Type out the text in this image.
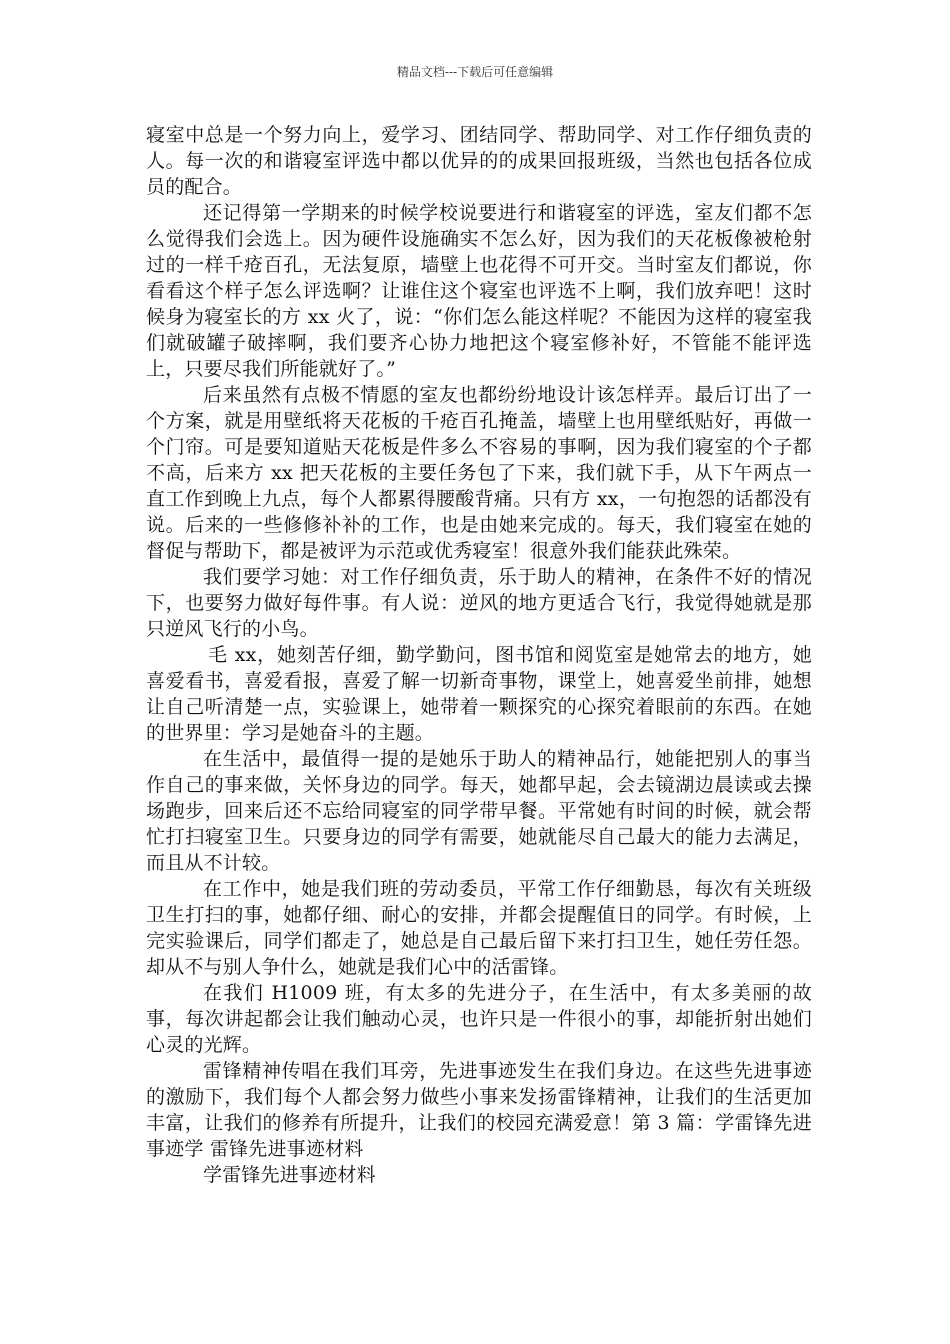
精品文档---下载后可任意编辑

寝室中总是一个努力向上，爱学习、团结同学、帮助同学、对工作仔细负责的人。每一次的和谐寝室评选中都以优异的的成果回报班级，当然也包括各位成员的配合。

还记得第一学期来的时候学校说要进行和谐寝室的评选，室友们都不怎么觉得我们会选上。因为硬件设施确实不怎么好，因为我们的天花板像被枪射过的一样千疮百孔，无法复原，墙壁上也花得不可开交。当时室友们都说，你看看这个样子怎么评选啊？让谁住这个寝室也评选不上啊，我们放弃吧！这时候身为寝室长的方 xx 火了，说：“你们怎么能这样呢？不能因为这样的寝室我们就破罐子破摔啊，我们要齐心协力地把这个寝室修补好，不管能不能评选上，只要尽我们所能就好了。”

后来虽然有点极不情愿的室友也都纷纷地设计该怎样弄。最后订出了一个方案，就是用壁纸将天花板的千疮百孔掩盖，墙壁上也用壁纸贴好，再做一个门帘。可是要知道贴天花板是件多么不容易的事啊，因为我们寝室的个子都不高，后来方 xx 把天花板的主要任务包了下来，我们就下手，从下午两点一直工作到晚上九点，每个人都累得腰酸背痛。只有方 xx，一句抱怨的话都没有说。后来的一些修修补补的工作，也是由她来完成的。每天，我们寝室在她的督促与帮助下，都是被评为示范或优秀寝室！很意外我们能获此殊荣。

我们要学习她：对工作仔细负责，乐于助人的精神，在条件不好的情况下，也要努力做好每件事。有人说：逆风的地方更适合飞行，我觉得她就是那只逆风飞行的小鸟。

毛 xx，她刻苦仔细，勤学勤问，图书馆和阅览室是她常去的地方，她喜爱看书，喜爱看报，喜爱了解一切新奇事物，课堂上，她喜爱坐前排，她想让自己听清楚一点，实验课上，她带着一颗探究的心探究着眼前的东西。在她的世界里：学习是她奋斗的主题。

在生活中，最值得一提的是她乐于助人的精神品行，她能把别人的事当作自己的事来做，关怀身边的同学。每天，她都早起，会去镜湖边晨读或去操场跑步，回来后还不忘给同寝室的同学带早餐。平常她有时间的时候，就会帮忙打扫寝室卫生。只要身边的同学有需要，她就能尽自己最大的能力去满足，而且从不计较。

在工作中，她是我们班的劳动委员，平常工作仔细勤恳，每次有关班级卫生打扫的事，她都仔细、耐心的安排，并都会提醒值日的同学。有时候，上完实验课后，同学们都走了，她总是自己最后留下来打扫卫生，她任劳任怨。却从不与别人争什么，她就是我们心中的活雷锋。

在我们 H1009 班，有太多的先进分子，在生活中，有太多美丽的故事，每次讲起都会让我们触动心灵，也许只是一件很小的事，却能折射出她们心灵的光辉。

雷锋精神传唱在我们耳旁，先进事迹发生在我们身边。在这些先进事迹的激励下，我们每个人都会努力做些小事来发扬雷锋精神，让我们的生活更加丰富，让我们的修养有所提升，让我们的校园充满爱意！第 3 篇：学雷锋先进事迹学 雷锋先进事迹材料

学雷锋先进事迹材料
